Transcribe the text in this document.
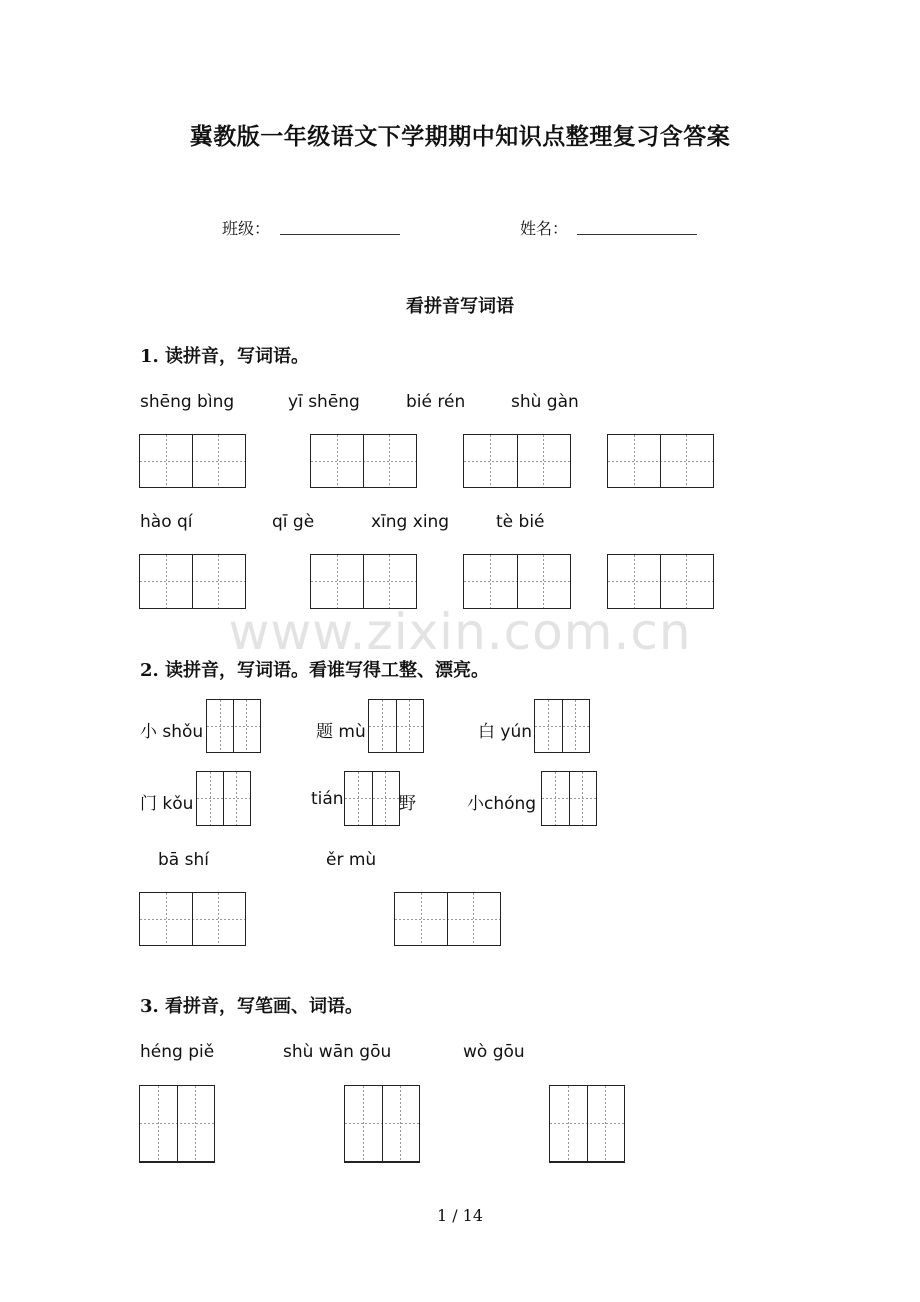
冀教版一年级语文下学期期中知识点整理复习含答案
班级：	姓名：
看拼音写词语
1. 读拼音，写词语。
shēng bìng	yī shēng	bié rén	shù gàn
hào qí	qī gè	xīng xing	tè bié
www.zixin.com.cn
2. 读拼音，写词语。看谁写得工整、漂亮。
小 shǒu	题 mù	白 yún
门 kǒu	tián	野	小chóng
bā shí	ěr mù
3. 看拼音，写笔画、词语。
héng piě	shù wān gōu	wò gōu
1 / 14
